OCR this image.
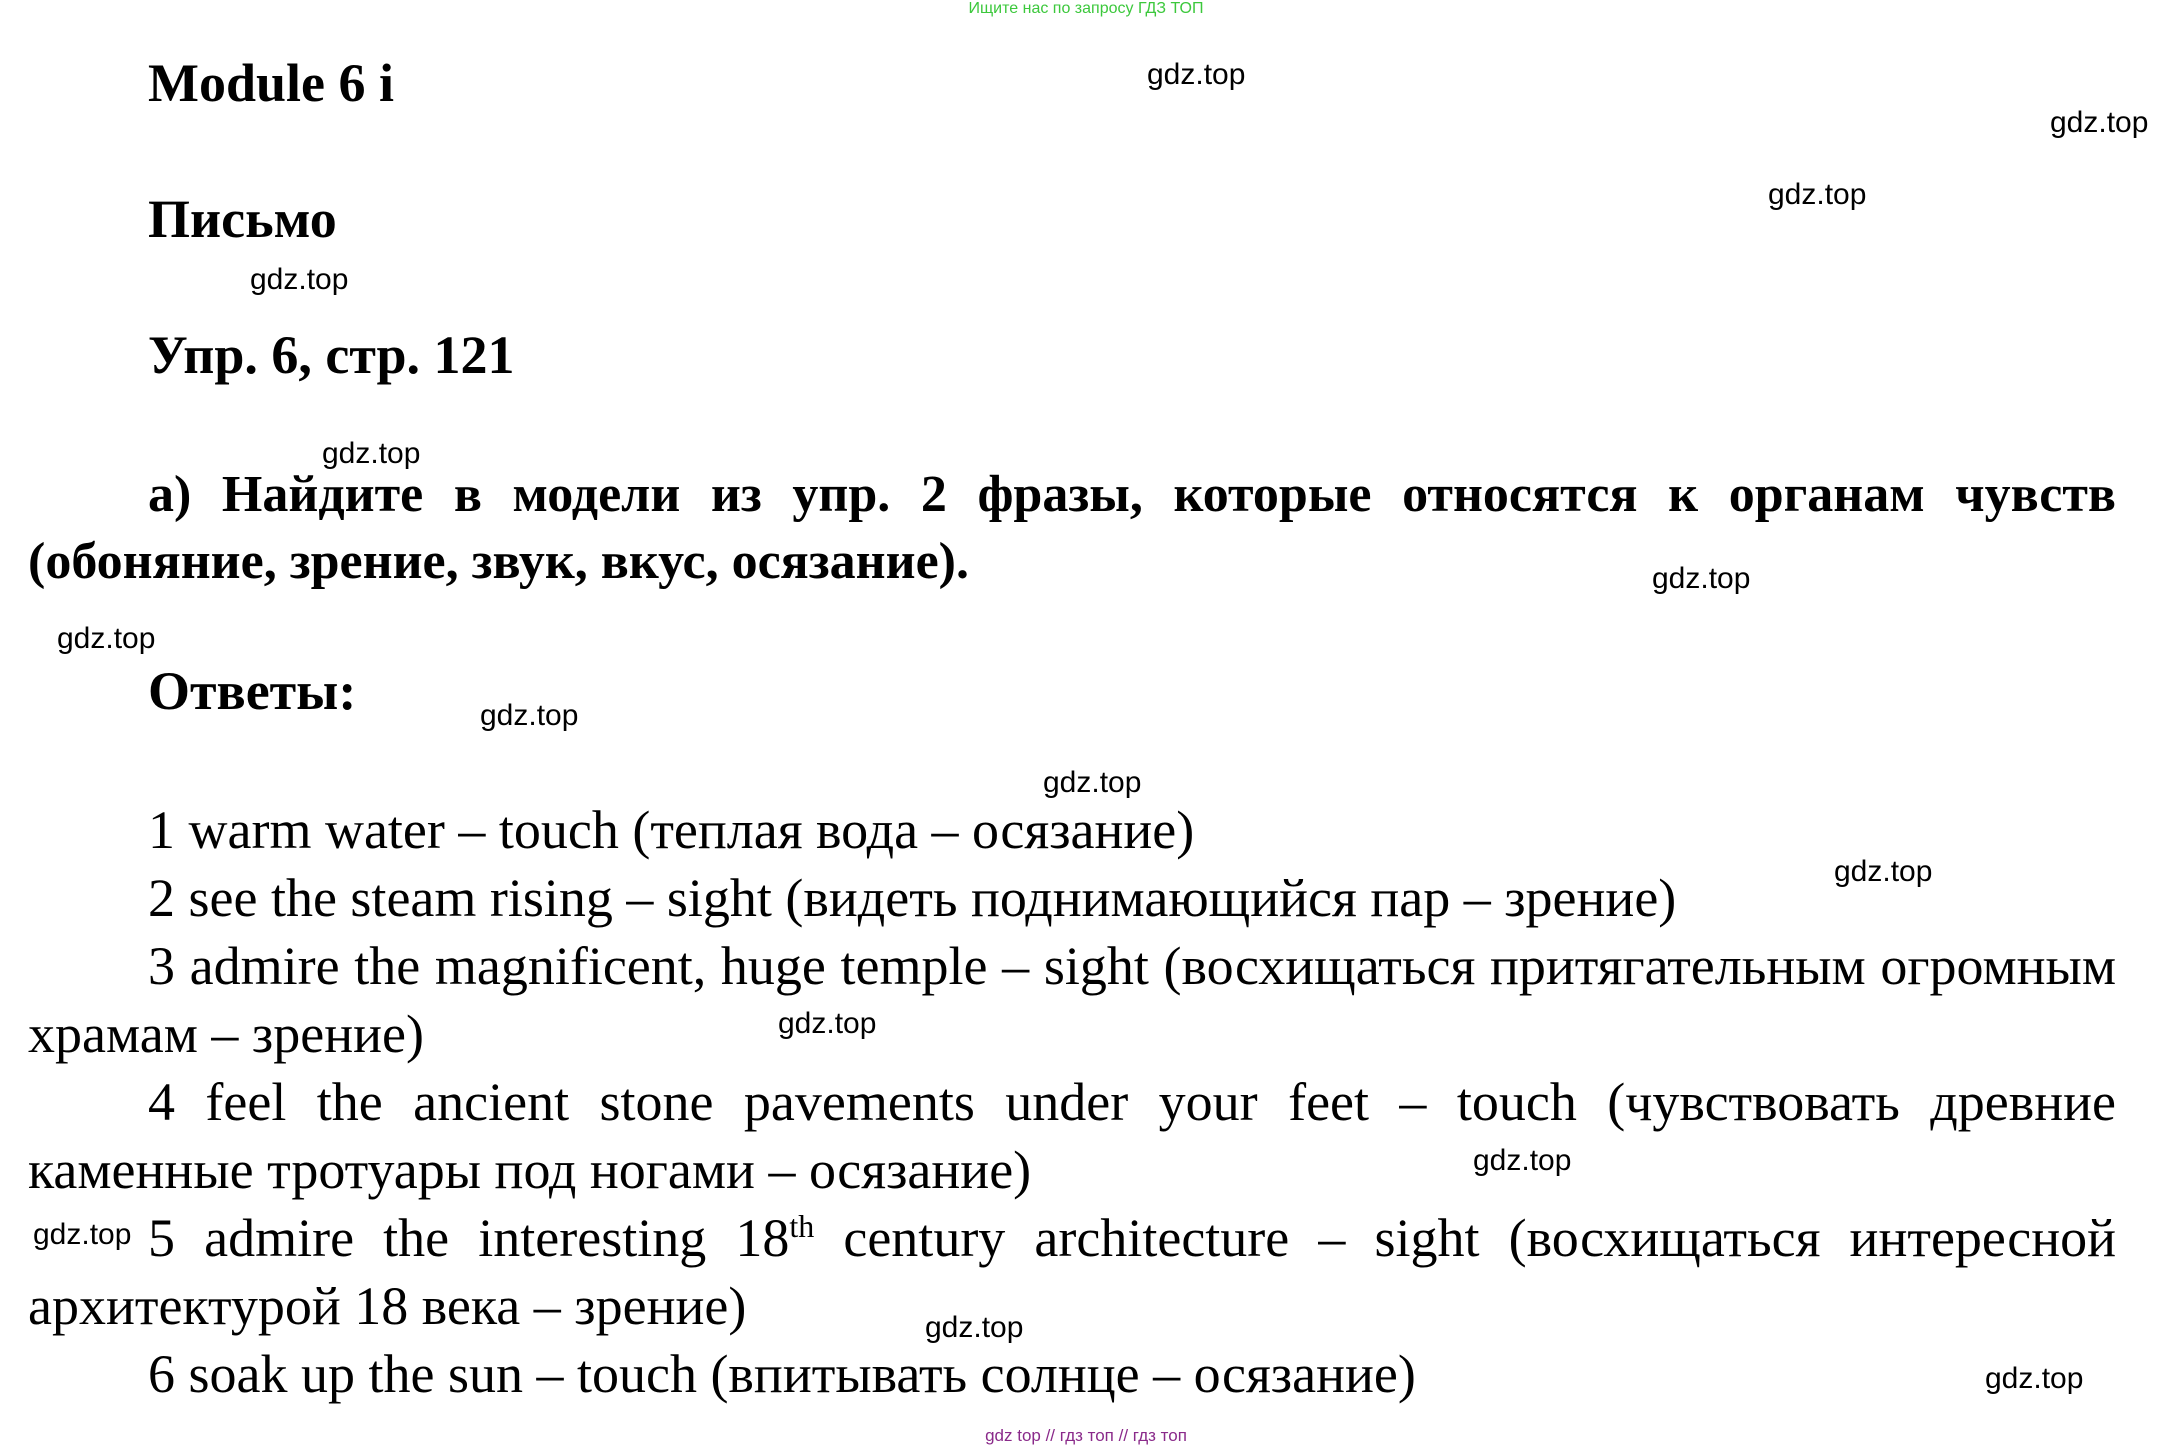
Ищите нас по запросу ГДЗ ТОП
Module 6 i
Письмо
Упр. 6, стр. 121
а) Найдите в модели из упр. 2 фразы, которые относятся к органам чувств (обоняние, зрение, звук, вкус, осязание).
Ответы:
1 warm water – touch (теплая вода – осязание)
2 see the steam rising – sight (видеть поднимающийся пар – зрение)
3 admire the magnificent, huge temple – sight (восхищаться притягательным огромным храмам – зрение)
4 feel the ancient stone pavements under your feet – touch (чувствовать древние каменные тротуары под ногами – осязание)
5 admire the interesting 18th century architecture – sight (восхищаться интересной архитектурой 18 века – зрение)
6 soak up the sun – touch (впитывать солнце – осязание)
gdz.top
gdz.top
gdz.top
gdz.top
gdz.top
gdz.top
gdz.top
gdz.top
gdz.top
gdz.top
gdz.top
gdz.top
gdz.top
gdz.top
gdz.top
gdz top // гдз топ // гдз топ
